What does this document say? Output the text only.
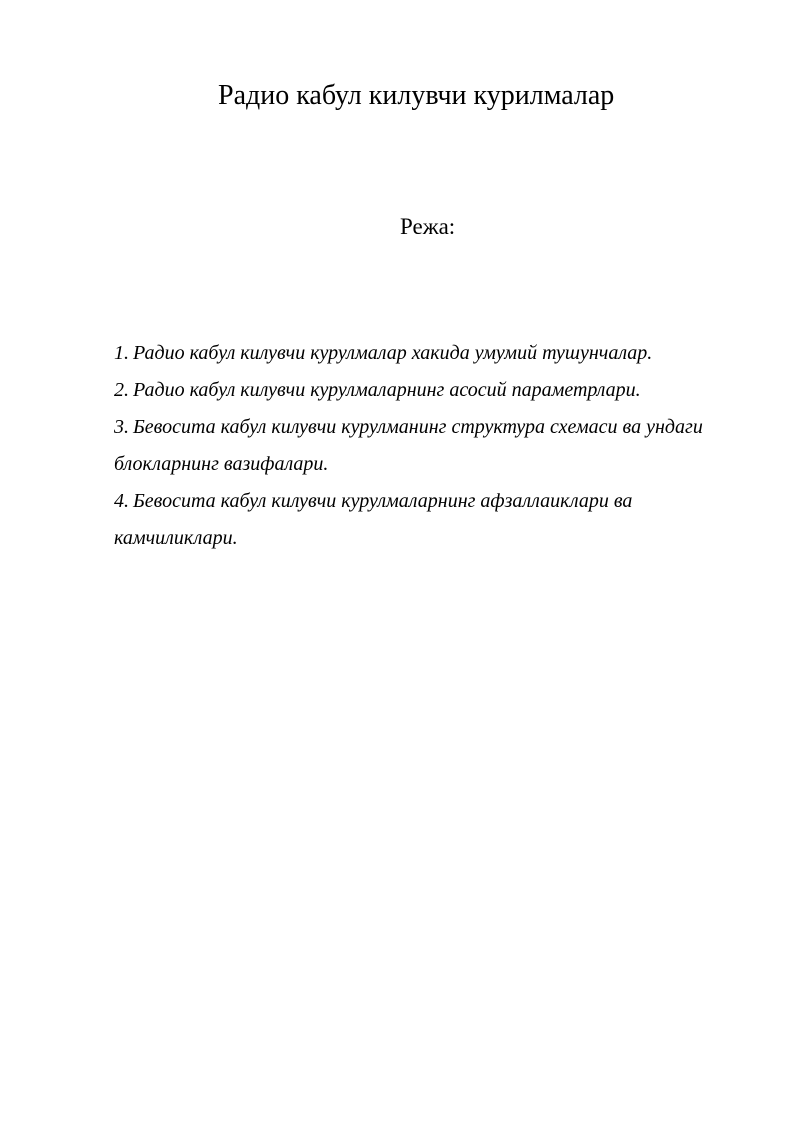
Радио кабул килувчи курилмалар
Режа:
1. Радио кабул килувчи курулмалар хакида умумий тушунчалар.
2. Радио кабул килувчи курулмаларнинг асосий параметрлари.
3. Бевосита кабул килувчи курулманинг структура схемаси ва ундаги блокларнинг вазифалари.
4. Бевосита кабул килувчи курулмаларнинг афзаллаиклари ва камчиликлари.
